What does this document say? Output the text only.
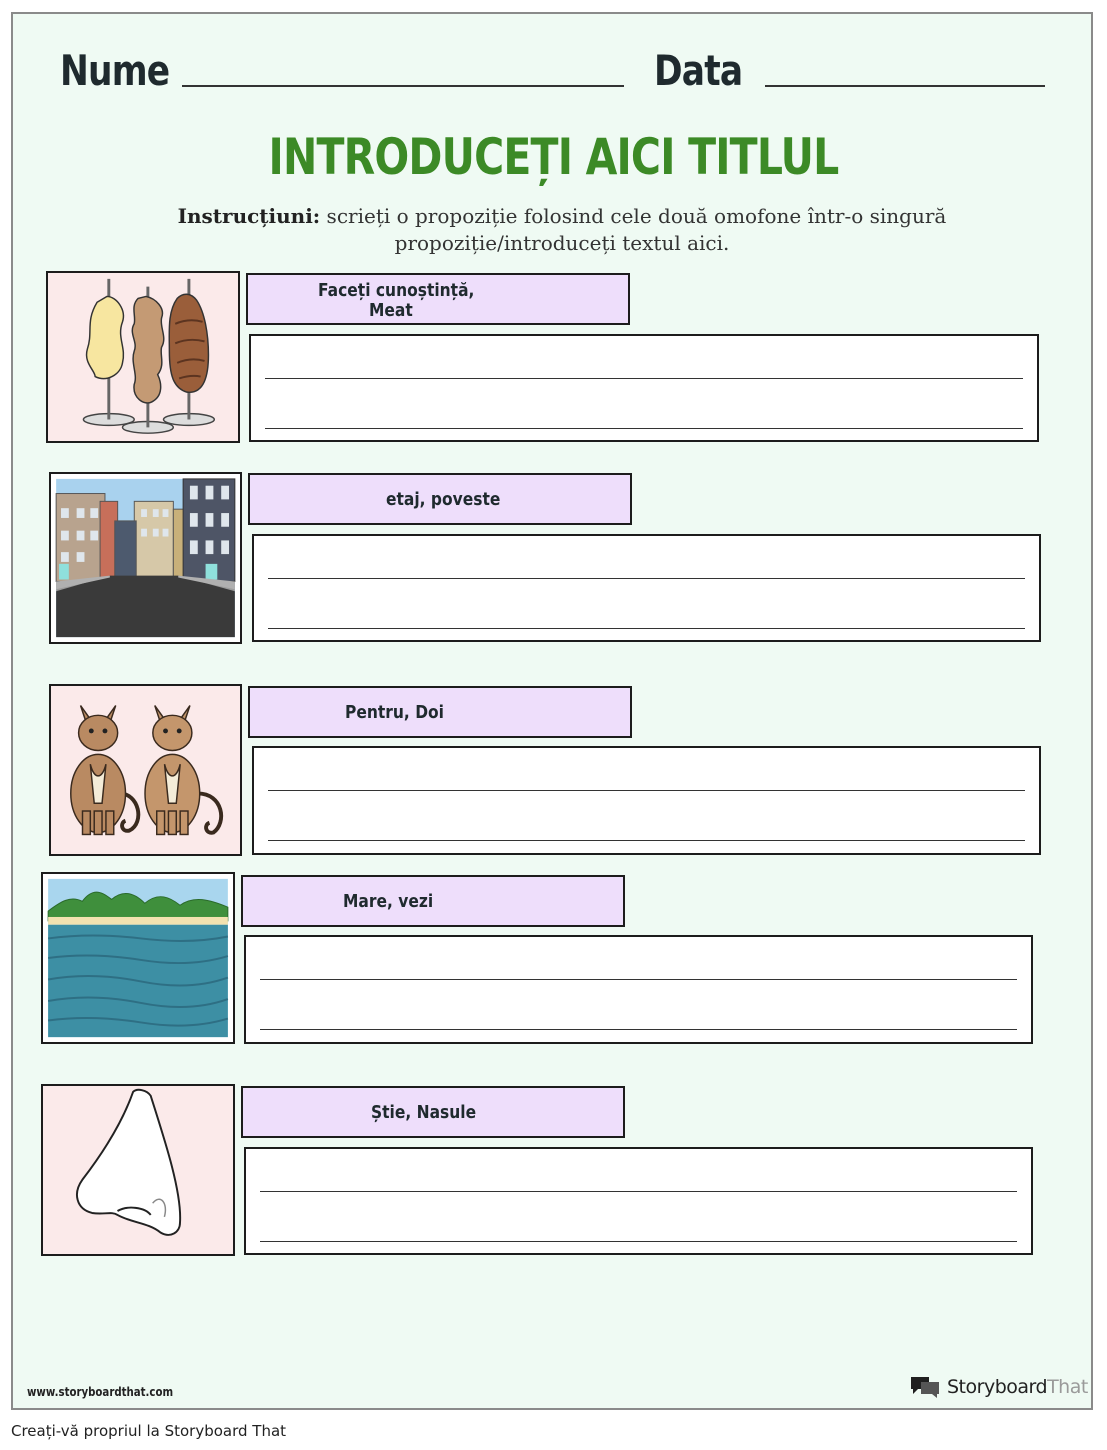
Nume	Data
INTRODUCEȚI AICI TITLUL
Instrucțiuni: scrieți o propoziție folosind cele două omofone într-o singură propoziție/introduceți textul aici.
Faceți cunoștință,
Meat
etaj, poveste
Pentru, Doi
Mare, vezi
Știe, Nasule
www.storyboardthat.com	StoryboardThat
Creați-vă propriul la Storyboard That
